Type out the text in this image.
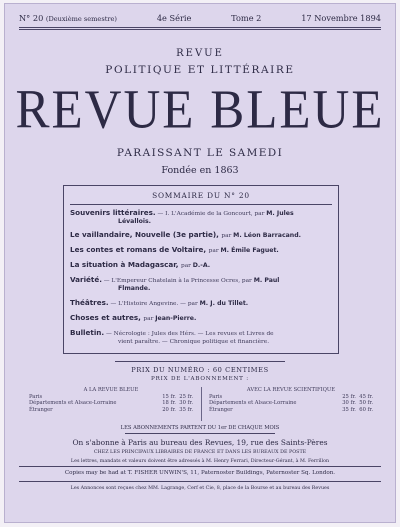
N° 20 (Deuxième semestre)	4e Série	Tome 2	17 Novembre 1894
REVUE
POLITIQUE ET LITTÉRAIRE
REVUE BLEUE
PARAISSANT LE SAMEDI
Fondée en 1863
SOMMAIRE DU N° 20
Souvenirs littéraires. — I. L'Académie de la Goncourt, par M. Jules
Lévallois.
Le vaillandaire, Nouvelle (3e partie), par M. Léon Barracand.
Les contes et romans de Voltaire, par M. Émile Faguet.
La situation à Madagascar, par D.-A.
Variété. — L'Empereur Chatelain à la Princesse Ocres, par M. Paul
Flmande.
Théâtres. — L'Histoire Angevine. — par M. J. du Tillet.
Choses et autres, par Jean-Pierre.
Bulletin. — Nécrologie : Jules des Hérs. — Les revues et Livres de
vient paraître. — Chronique politique et financière.
PRIX DU NUMÉRO : 60 CENTIMES
PRIX DE L'ABONNEMENT :
A LA REVUE BLEUE
Paris	15 fr. 25 fr.
Départements et Alsace-Lorraine	18 fr. 30 fr.
Étranger	20 fr. 35 fr.
AVEC LA REVUE SCIENTIFIQUE
Paris	25 fr. 45 fr.
Départements et Alsace-Lorraine	30 fr. 50 fr.
Étranger	35 fr. 60 fr.
LES ABONNEMENTS PARTENT DU 1er DE CHAQUE MOIS
On s'abonne à Paris au bureau des Revues, 19, rue des Saints-Pères
CHEZ LES PRINCIPAUX LIBRAIRES DE FRANCE ET DANS LES BUREAUX DE POSTE
Les lettres, mandats et valeurs doivent être adressés à M. Henry Ferrari, Directeur-Gérant, à M. Ferrillon
Copies may be had at T. FISHER UNWIN'S, 11, Paternoster Buildings, Paternoster Sq. London.
Les Annonces sont reçues chez MM. Lagrange, Cerf et Cie, 8, place de la Bourse et au bureau des Revues
